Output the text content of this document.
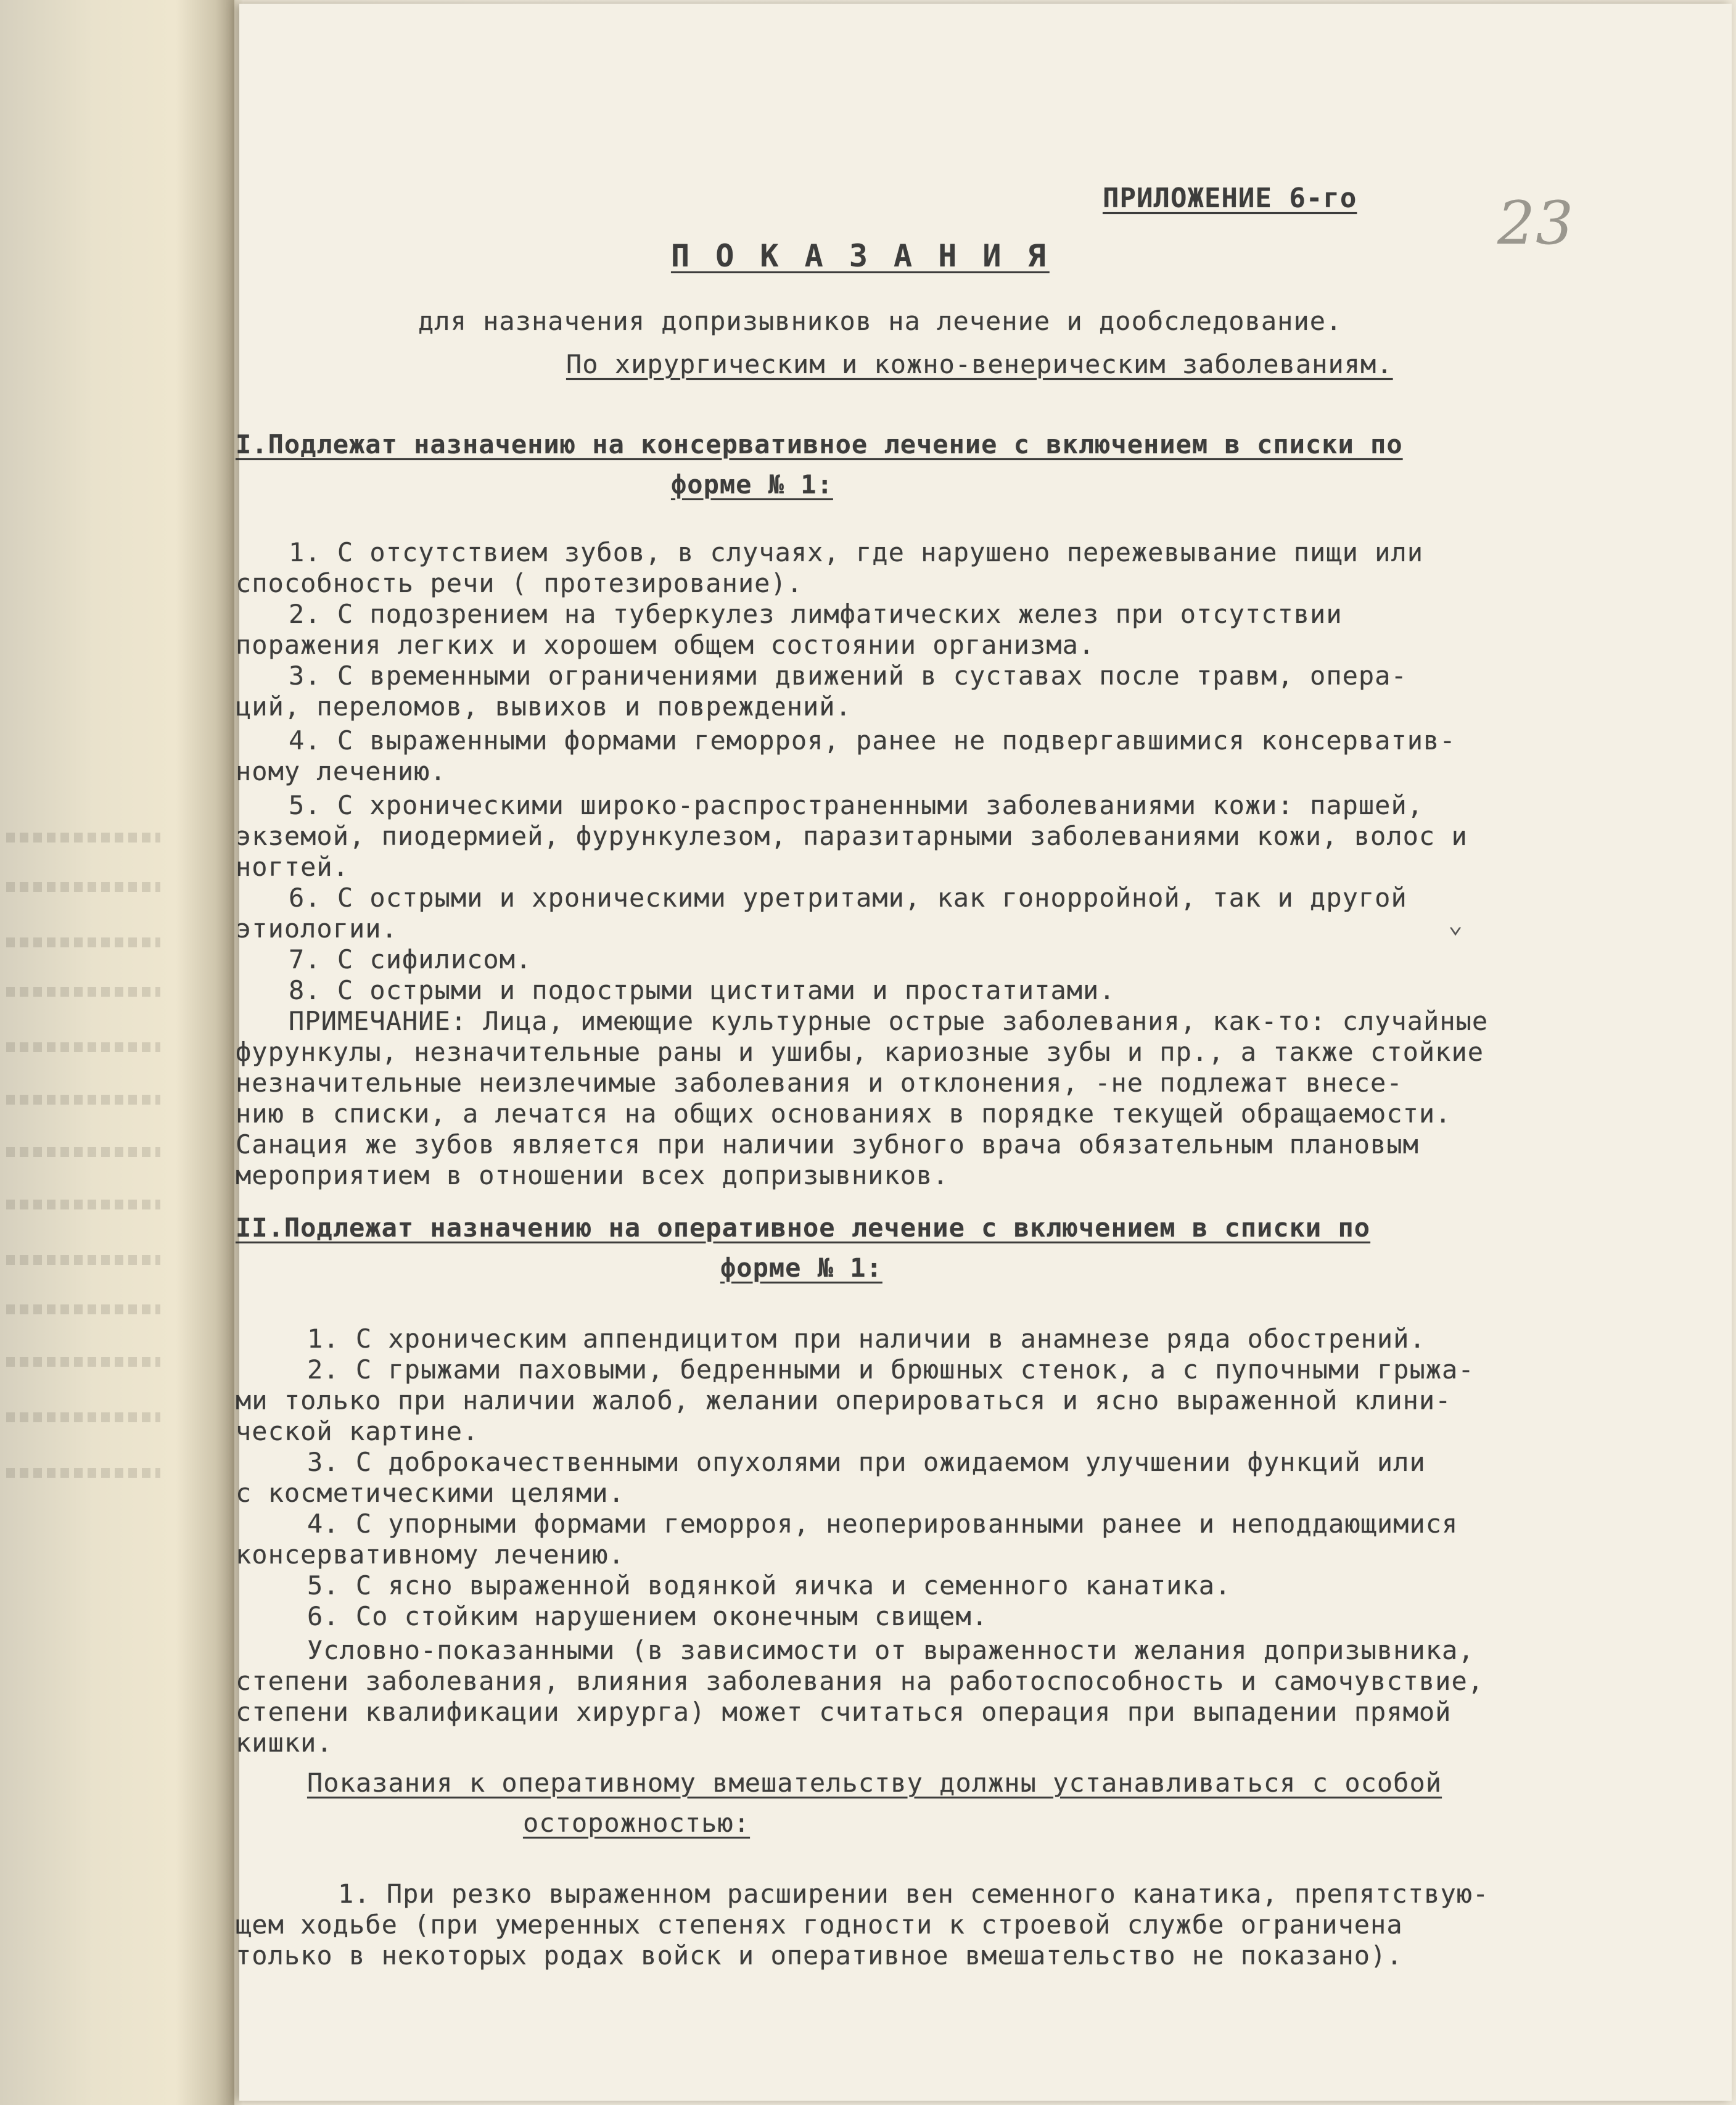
ПРИЛОЖЕНИЕ 6-го 23
П О К А З А Н И Я
для назначения допризывников на лечение и дообследование.
По хирургическим и кожно-венерическим заболеваниям.
I.Подлежат назначению на консервативное лечение с включением в списки по
форме № 1:
1. С отсутствием зубов, в случаях, где нарушено пережевывание пищи или
способность речи ( протезирование).
2. С подозрением на туберкулез лимфатических желез при отсутствии
поражения легких и хорошем общем состоянии организма.
3. С временными ограничениями движений в суставах после травм, опера-
ций, переломов, вывихов и повреждений.
4. С выраженными формами геморроя, ранее не подвергавшимися консерватив-
ному лечению.
5. С хроническими широко-распространенными заболеваниями кожи: паршей,
экземой, пиодермией, фурункулезом, паразитарными заболеваниями кожи, волос и
ногтей.
6. С острыми и хроническими уретритами, как гонорройной, так и другой
этиологии.
7. С сифилисом.
8. С острыми и подострыми циститами и простатитами.
⌄
ПРИМЕЧАНИЕ: Лица, имеющие культурные острые заболевания, как-то: случайные
фурункулы, незначительные раны и ушибы, кариозные зубы и пр., а также стойкие
незначительные неизлечимые заболевания и отклонения, -не подлежат внесе-
нию в списки, а лечатся на общих основаниях в порядке текущей обращаемости.
Санация же зубов является при наличии зубного врача обязательным плановым
мероприятием в отношении всех допризывников.
II.Подлежат назначению на оперативное лечение с включением в списки по
форме № 1:
1. С хроническим аппендицитом при наличии в анамнезе ряда обострений.
2. С грыжами паховыми, бедренными и брюшных стенок, а с пупочными грыжа-
ми только при наличии жалоб, желании оперироваться и ясно выраженной клини-
ческой картине.
3. С доброкачественными опухолями при ожидаемом улучшении функций или
с косметическими целями.
4. С упорными формами геморроя, неоперированными ранее и неподдающимися
консервативному лечению.
5. С ясно выраженной водянкой яичка и семенного канатика.
6. Со стойким нарушением оконечным свищем.
Условно-показанными (в зависимости от выраженности желания допризывника,
степени заболевания, влияния заболевания на работоспособность и самочувствие,
степени квалификации хирурга) может считаться операция при выпадении прямой
кишки.
Показания к оперативному вмешательству должны устанавливаться с особой
осторожностью:
1. При резко выраженном расширении вен семенного канатика, препятствую-
щем ходьбе (при умеренных степенях годности к строевой службе ограничена
только в некоторых родах войск и оперативное вмешательство не показано).
